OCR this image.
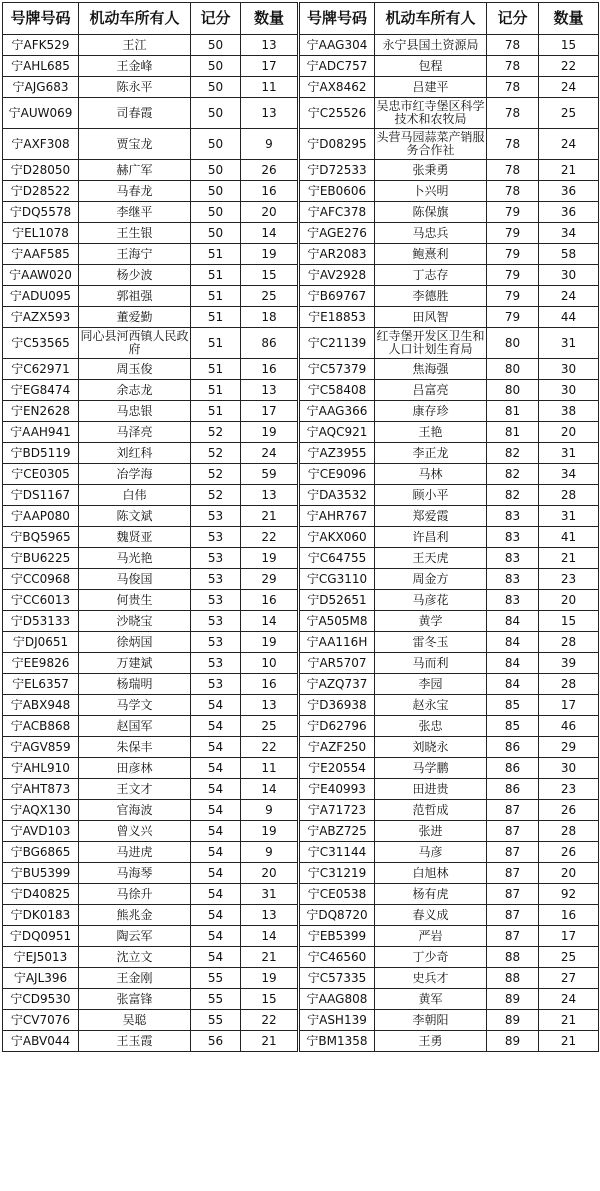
号牌号码	机动车所有人	记分	数量	号牌号码	机动车所有人	记分	数量
宁AFK529	王江	50	13	宁AAG304	永宁县国土资源局	78	15
宁AHL685	王金峰	50	17	宁ADC757	包程	78	22
宁AJG683	陈永平	50	11	宁AX8462	吕建平	78	24
宁AUW069	司春霞	50	13	宁C25526	吴忠市红寺堡区科学技术和农牧局	78	25
宁AXF308	贾宝龙	50	9	宁D08295	头营马园蒜菜产销服务合作社	78	24
宁D28050	赫广军	50	26	宁D72533	张秉勇	78	21
宁D28522	马春龙	50	16	宁EB0606	卜兴明	78	36
宁DQ5578	李继平	50	20	宁AFC378	陈保旗	79	36
宁EL1078	王生银	50	14	宁AGE276	马忠兵	79	34
宁AAF585	王海宁	51	19	宁AR2083	鲍熹利	79	58
宁AAW020	杨少波	51	15	宁AV2928	丁志存	79	30
宁ADU095	郭祖强	51	25	宁B69767	李德胜	79	24
宁AZX593	董爱勤	51	18	宁E18853	田风智	79	44
宁C53565	同心县河西镇人民政府	51	86	宁C21139	红寺堡开发区卫生和人口计划生育局	80	31
宁C62971	周玉俊	51	16	宁C57379	焦海强	80	30
宁EG8474	余志龙	51	13	宁C58408	吕富亮	80	30
宁EN2628	马忠银	51	17	宁AAG366	康存珍	81	38
宁AAH941	马泽亮	52	19	宁AQC921	王艳	81	20
宁BD5119	刘红科	52	24	宁AZ3955	李正龙	82	31
宁CE0305	冶学海	52	59	宁CE9096	马林	82	34
宁DS1167	白伟	52	13	宁DA3532	顾小平	82	28
宁AAP080	陈文斌	53	21	宁AHR767	郑爱霞	83	31
宁BQ5965	魏贤亚	53	22	宁AKX060	许昌利	83	41
宁BU6225	马光艳	53	19	宁C64755	王天虎	83	21
宁CC0968	马俊国	53	29	宁CG3110	周金方	83	23
宁CC6013	何贵生	53	16	宁D52651	马彦花	83	20
宁D53133	沙晓宝	53	14	宁A505M8	黄学	84	15
宁DJ0651	徐炳国	53	19	宁AA116H	雷冬玉	84	28
宁EE9826	万建斌	53	10	宁AR5707	马而利	84	39
宁EL6357	杨瑞明	53	16	宁AZQ737	李园	84	28
宁ABX948	马学文	54	13	宁D36938	赵永宝	85	17
宁ACB868	赵国军	54	25	宁D62796	张忠	85	46
宁AGV859	朱保丰	54	22	宁AZF250	刘晓永	86	29
宁AHL910	田彦林	54	11	宁E20554	马学鹏	86	30
宁AHT873	王文才	54	14	宁E40993	田进贵	86	23
宁AQX130	官海波	54	9	宁A71723	范哲成	87	26
宁AVD103	曾义兴	54	19	宁ABZ725	张进	87	28
宁BG6865	马进虎	54	9	宁C31144	马彦	87	26
宁BU5399	马海琴	54	20	宁C31219	白旭林	87	20
宁D40825	马徐升	54	31	宁CE0538	杨有虎	87	92
宁DK0183	熊兆金	54	13	宁DQ8720	春义成	87	16
宁DQ0951	陶云军	54	14	宁EB5399	严岩	87	17
宁EJ5013	沈立文	54	21	宁C46560	丁少奇	88	25
宁AJL396	王金刚	55	19	宁C57335	史兵才	88	27
宁CD9530	张富锋	55	15	宁AAG808	黄军	89	24
宁CV7076	吴聪	55	22	宁ASH139	李朝阳	89	21
宁ABV044	王玉霞	56	21	宁BM1358	王勇	89	21
